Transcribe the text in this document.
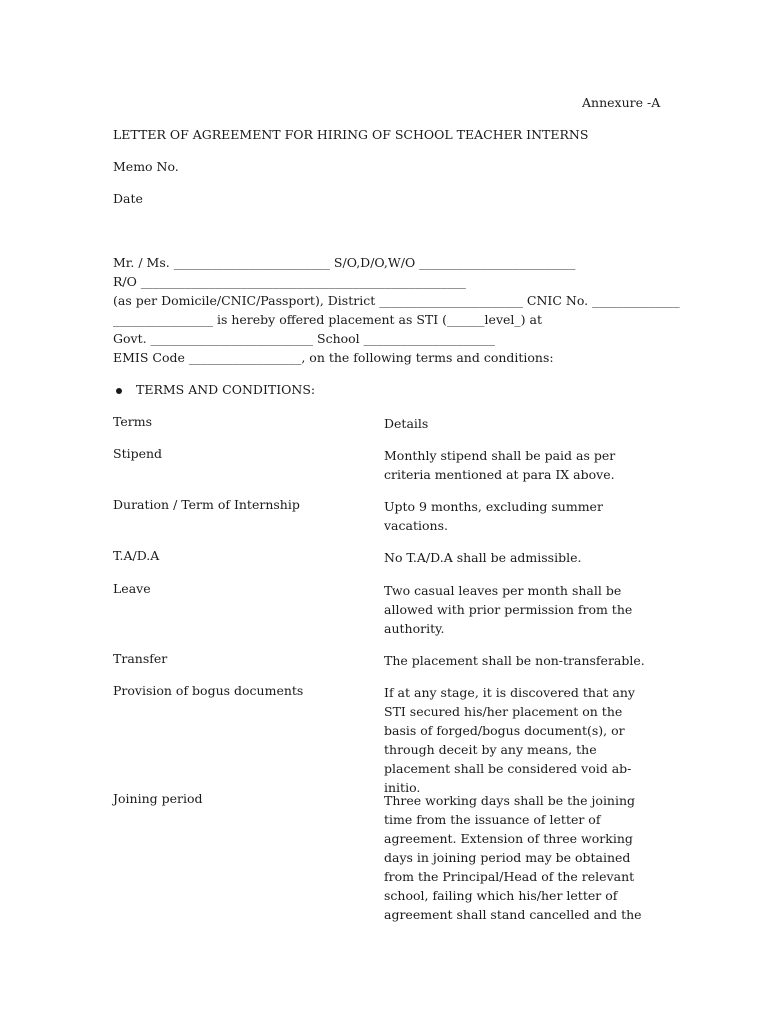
Annexure -A
LETTER OF AGREEMENT FOR HIRING OF SCHOOL TEACHER INTERNS
Memo No.
Date
Mr. / Ms. _________________________ S/O,D/O,W/O _________________________
R/O ____________________________________________________
(as per Domicile/CNIC/Passport), District _______________________ CNIC No. ______________
________________ is hereby offered placement as STI (______level_) at
Govt. __________________________ School _____________________
EMIS Code __________________, on the following terms and conditions:
TERMS AND CONDITIONS:
Terms	Details
Stipend	Monthly stipend shall be paid as per criteria mentioned at para IX above.
Duration / Term of Internship	Upto 9 months, excluding summer vacations.
T.A/D.A	No T.A/D.A shall be admissible.
Leave	Two casual leaves per month shall be allowed with prior permission from the authority.
Transfer	The placement shall be non-transferable.
Provision of bogus documents	If at any stage, it is discovered that any STI secured his/her placement on the basis of forged/bogus document(s), or through deceit by any means, the placement shall be considered void ab-initio.
Joining period	Three working days shall be the joining time from the issuance of letter of agreement. Extension of three working days in joining period may be obtained from the Principal/Head of the relevant school, failing which his/her letter of agreement shall stand cancelled and the
